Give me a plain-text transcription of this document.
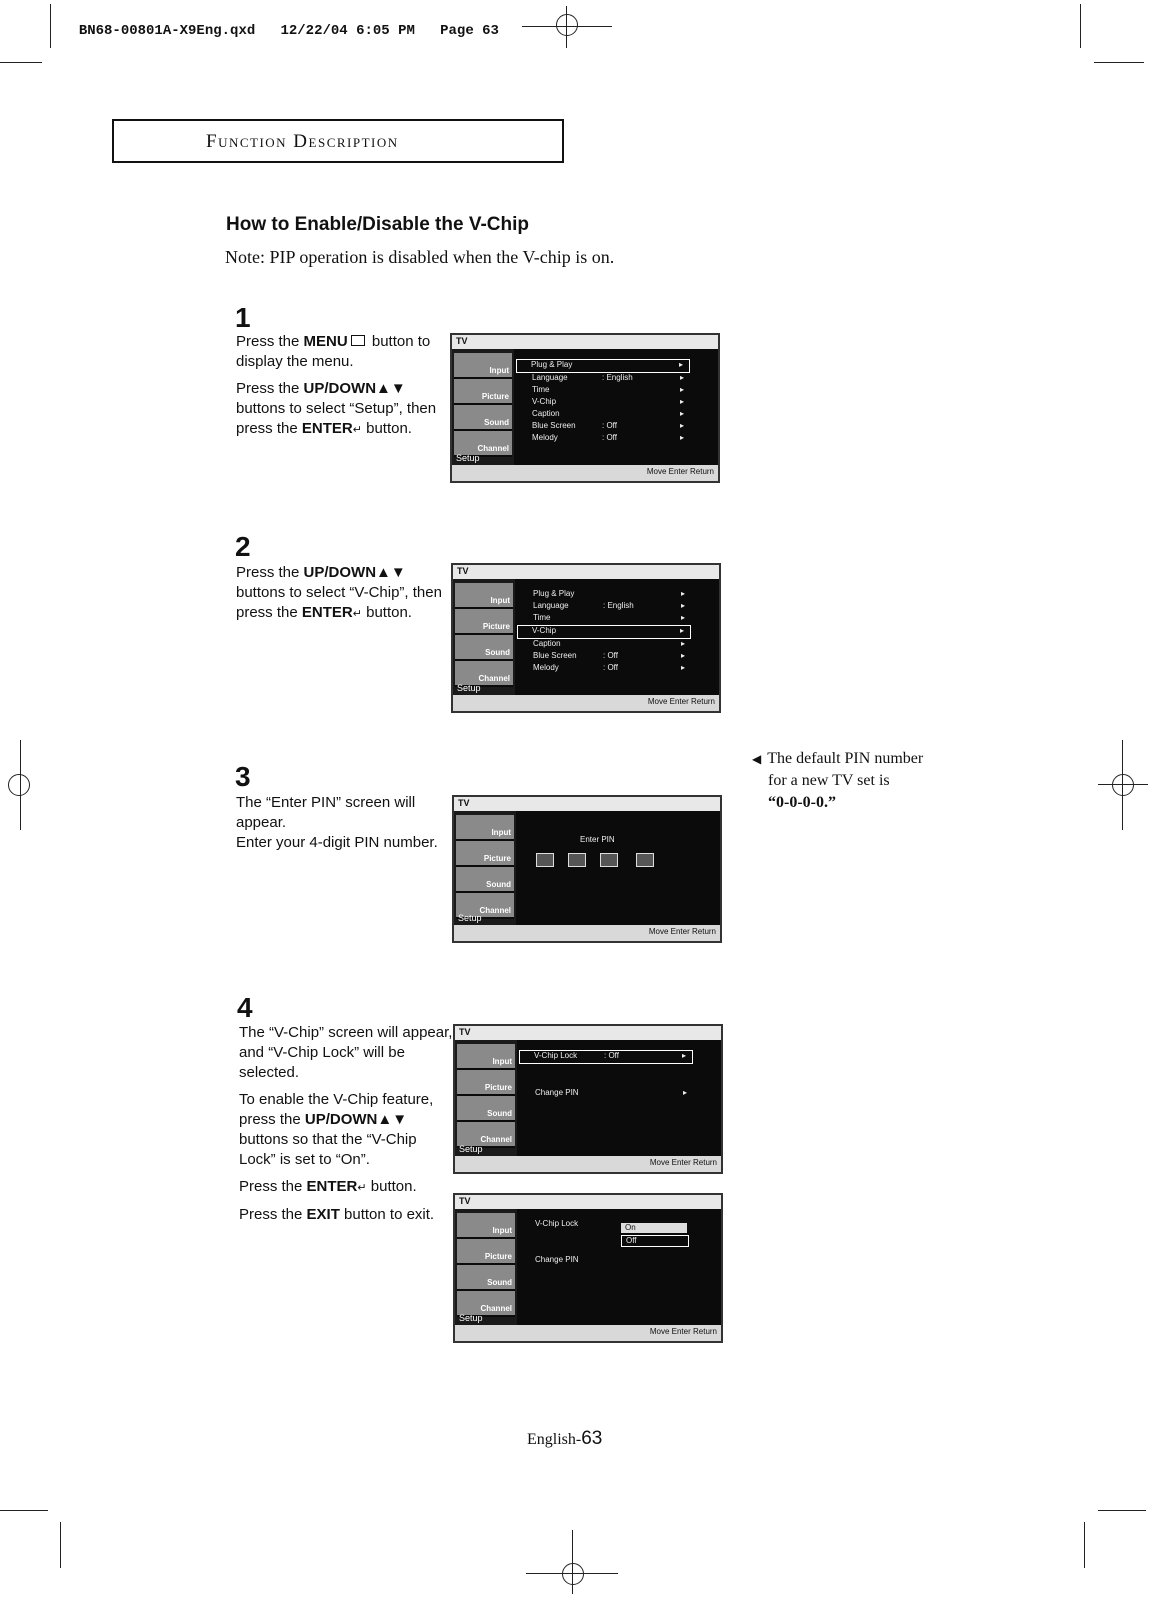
BN68-00801A-X9Eng.qxd 12/22/04 6:05 PM Page 63

Function Description
How to Enable/Disable the V-Chip
Note: PIP operation is disabled when the V-chip is on.
1

Press the MENU button to display the menu.

Press the UP/DOWN▲▼ buttons to select “Setup”, then press the ENTER↵ button.

TV
Input
Picture
Sound
Channel
Setup
Plug & Play	▸
Language	: English	▸
Time	▸
V-Chip	▸
Caption	▸
Blue Screen	: Off	▸
Melody	: Off	▸
Move Enter Return
2

Press the UP/DOWN▲▼ buttons to select “V-Chip”, then press the ENTER↵ button.

TV
Input
Picture
Sound
Channel
Setup
Plug & Play	▸
Language	: English	▸
Time	▸
V-Chip	▸
Caption	▸
Blue Screen	: Off	▸
Melody	: Off	▸
Move Enter Return
3

The “Enter PIN” screen will appear.

Enter your 4-digit PIN number.

TV
Input
Picture
Sound
Channel
Setup
Enter PIN
Move Enter Return
◀ The default PIN number
for a new TV set is
“0-0-0-0.”
4

The “V-Chip” screen will appear, and “V-Chip Lock” will be selected.

To enable the V-Chip feature, press the UP/DOWN▲▼ buttons so that the “V-Chip Lock” is set to “On”.

Press the ENTER↵ button.

Press the EXIT button to exit.

TV
Input
Picture
Sound
Channel
Setup
V-Chip Lock	: Off	▸
Change PIN	▸
Move Enter Return
TV
Input
Picture
Sound
Channel
Setup
V-Chip Lock
Change PIN
On
Off
Move Enter Return
English-63
